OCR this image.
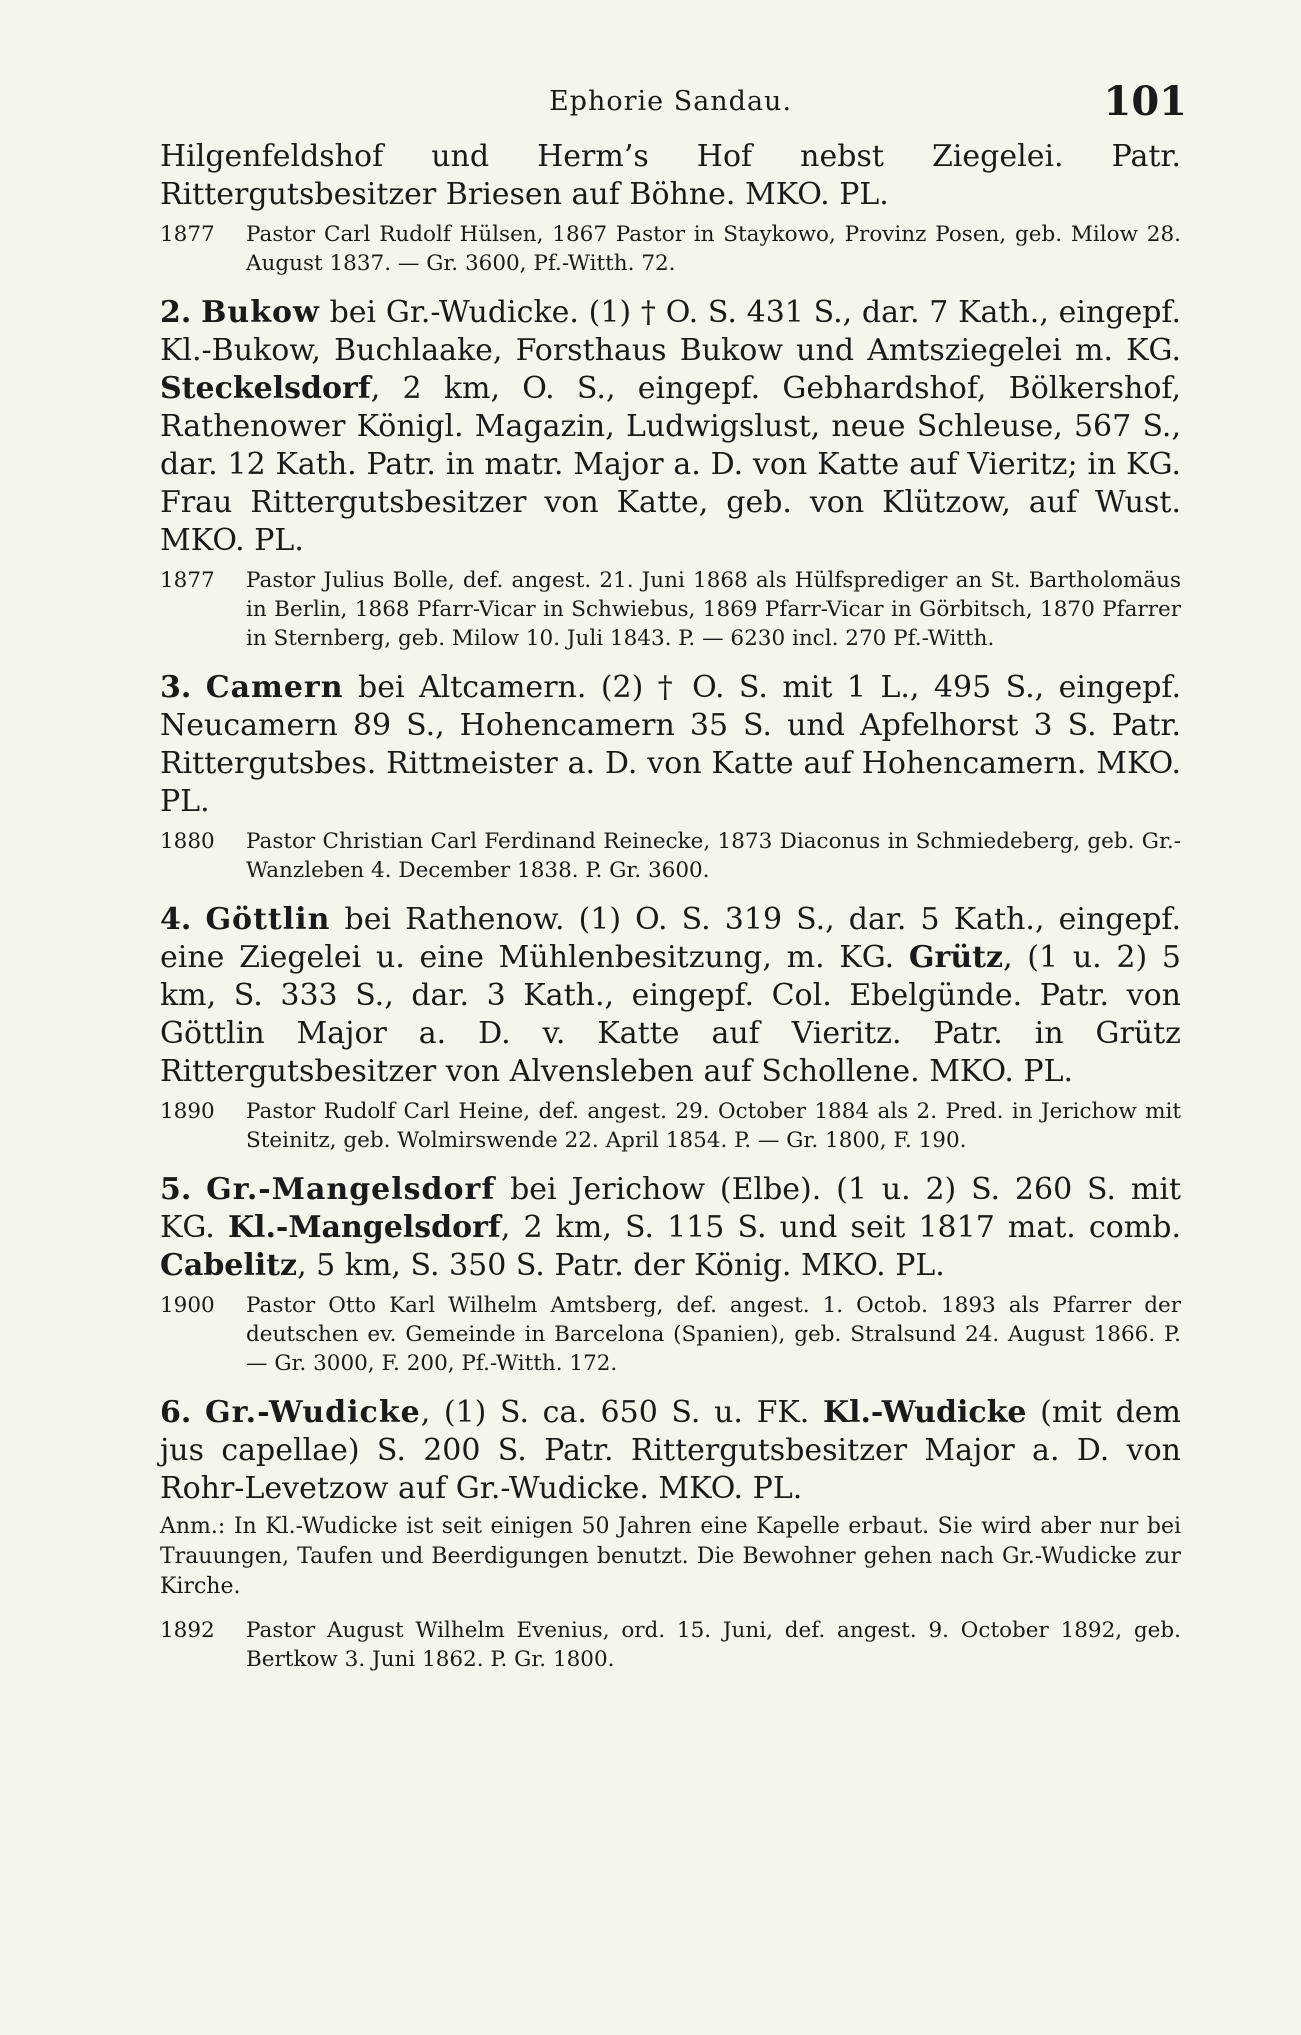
Ephorie Sandau.	101

Hilgenfeldshof und Herm’s Hof nebst Ziegelei. Patr. Rittergutsbesitzer Briesen auf Böhne. MKO. PL.

1877 Pastor Carl Rudolf Hülsen, 1867 Pastor in Staykowo, Provinz Posen, geb. Milow 28. August 1837. — Gr. 3600, Pf.-Witth. 72.

2. Bukow bei Gr.-Wudicke. (1) † O. S. 431 S., dar. 7 Kath., eingepf. Kl.-Bukow, Buchlaake, Forsthaus Bukow und Amtsziegelei m. KG. Steckelsdorf, 2 km, O. S., eingepf. Gebhardshof, Bölkershof, Rathenower Königl. Magazin, Ludwigslust, neue Schleuse, 567 S., dar. 12 Kath. Patr. in matr. Major a. D. von Katte auf Vieritz; in KG. Frau Rittergutsbesitzer von Katte, geb. von Klützow, auf Wust. MKO. PL.

1877 Pastor Julius Bolle, def. angest. 21. Juni 1868 als Hülfsprediger an St. Bartholomäus in Berlin, 1868 Pfarr-Vicar in Schwiebus, 1869 Pfarr-Vicar in Görbitsch, 1870 Pfarrer in Sternberg, geb. Milow 10. Juli 1843. P. — 6230 incl. 270 Pf.-Witth.

3. Camern bei Altcamern. (2) † O. S. mit 1 L., 495 S., eingepf. Neucamern 89 S., Hohencamern 35 S. und Apfelhorst 3 S. Patr. Rittergutsbes. Rittmeister a. D. von Katte auf Hohencamern. MKO. PL.

1880 Pastor Christian Carl Ferdinand Reinecke, 1873 Diaconus in Schmiedeberg, geb. Gr.-Wanzleben 4. December 1838. P. Gr. 3600.

4. Göttlin bei Rathenow. (1) O. S. 319 S., dar. 5 Kath., eingepf. eine Ziegelei u. eine Mühlenbesitzung, m. KG. Grütz, (1 u. 2) 5 km, S. 333 S., dar. 3 Kath., eingepf. Col. Ebelgünde. Patr. von Göttlin Major a. D. v. Katte auf Vieritz. Patr. in Grütz Rittergutsbesitzer von Alvensleben auf Schollene. MKO. PL.

1890 Pastor Rudolf Carl Heine, def. angest. 29. October 1884 als 2. Pred. in Jerichow mit Steinitz, geb. Wolmirswende 22. April 1854. P. — Gr. 1800, F. 190.

5. Gr.-Mangelsdorf bei Jerichow (Elbe). (1 u. 2) S. 260 S. mit KG. Kl.-Mangelsdorf, 2 km, S. 115 S. und seit 1817 mat. comb. Cabelitz, 5 km, S. 350 S. Patr. der König. MKO. PL.

1900 Pastor Otto Karl Wilhelm Amtsberg, def. angest. 1. Octob. 1893 als Pfarrer der deutschen ev. Gemeinde in Barcelona (Spanien), geb. Stralsund 24. August 1866. P. — Gr. 3000, F. 200, Pf.-Witth. 172.

6. Gr.-Wudicke, (1) S. ca. 650 S. u. FK. Kl.-Wudicke (mit dem jus capellae) S. 200 S. Patr. Rittergutsbesitzer Major a. D. von Rohr-Levetzow auf Gr.-Wudicke. MKO. PL.

Anm.: In Kl.-Wudicke ist seit einigen 50 Jahren eine Kapelle erbaut. Sie wird aber nur bei Trauungen, Taufen und Beerdigungen benutzt. Die Bewohner gehen nach Gr.-Wudicke zur Kirche.

1892 Pastor August Wilhelm Evenius, ord. 15. Juni, def. angest. 9. October 1892, geb. Bertkow 3. Juni 1862. P. Gr. 1800.
